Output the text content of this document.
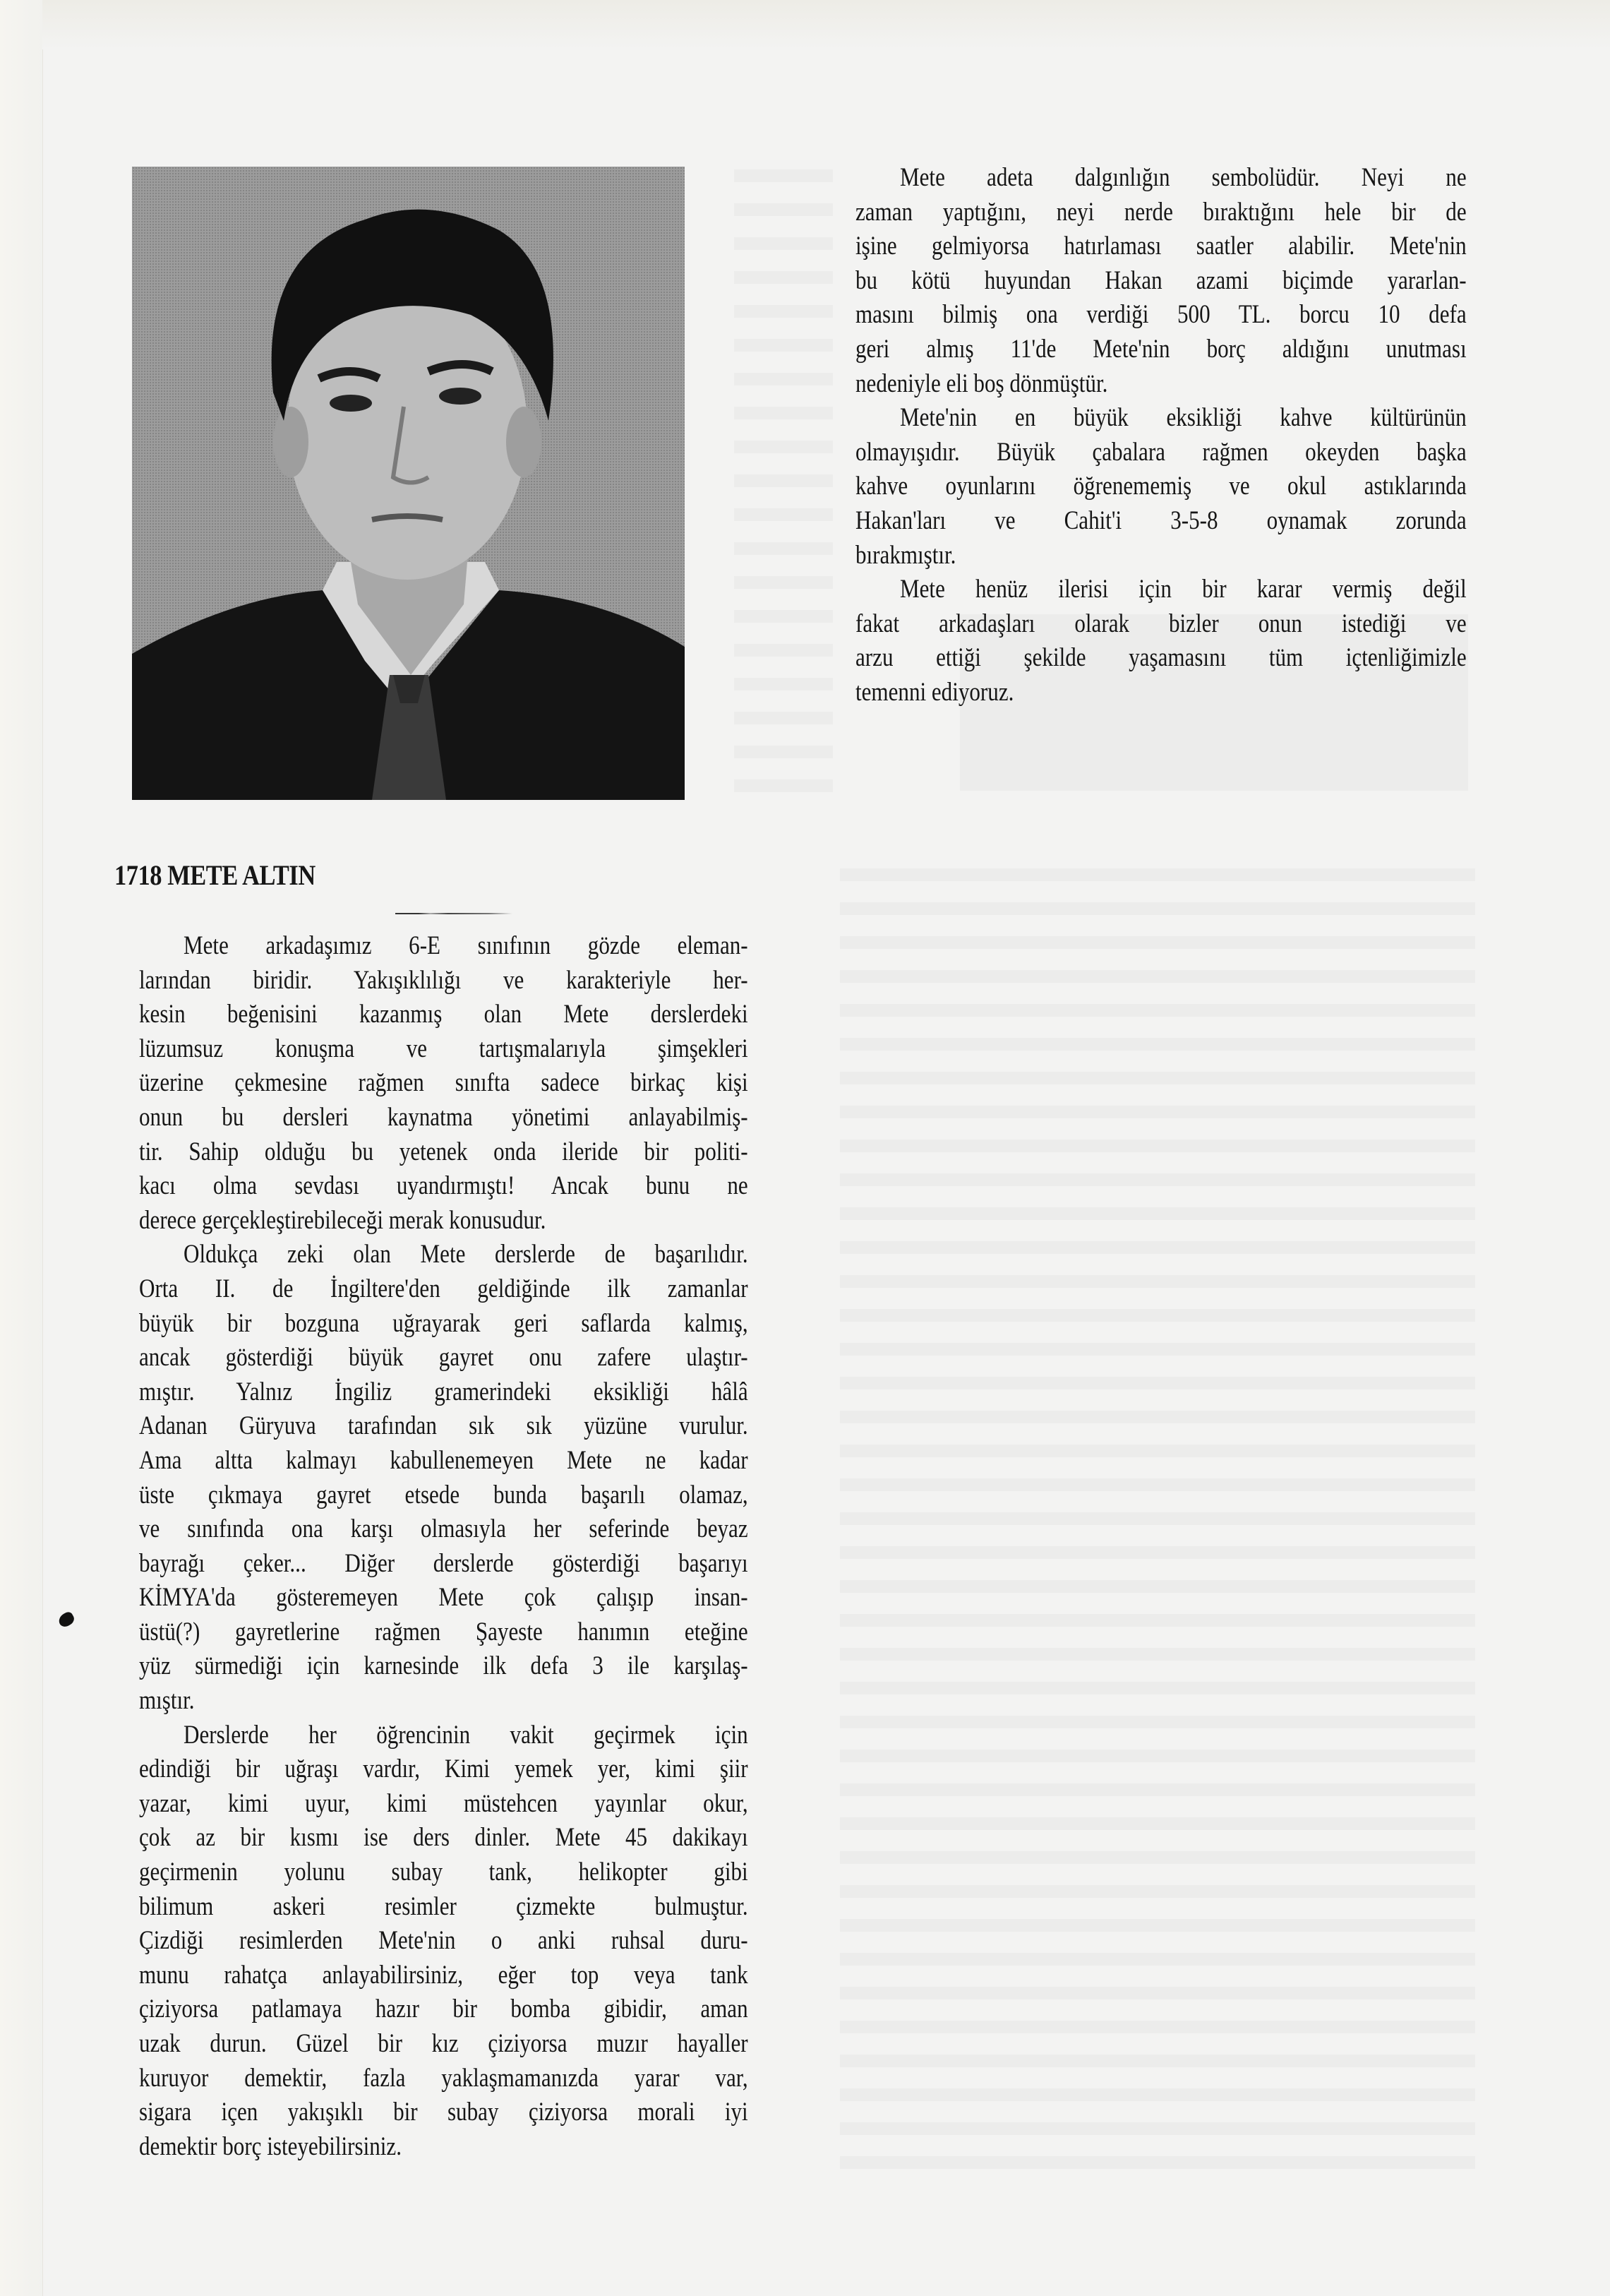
1718 METE ALTIN
Mete arkadaşımız 6-E sınıfının gözde eleman-
larından biridir. Yakışıklılığı ve karakteriyle her-
kesin beğenisini kazanmış olan Mete derslerdeki
lüzumsuz konuşma ve tartışmalarıyla şimşekleri
üzerine çekmesine rağmen sınıfta sadece birkaç kişi
onun bu dersleri kaynatma yönetimi anlayabilmiş-
tir. Sahip olduğu bu yetenek onda ileride bir politi-
kacı olma sevdası uyandırmıştı! Ancak bunu ne
derece gerçekleştirebileceği merak konusudur.
Oldukça zeki olan Mete derslerde de başarılıdır.
Orta II. de İngiltere'den geldiğinde ilk zamanlar
büyük bir bozguna uğrayarak geri saflarda kalmış,
ancak gösterdiği büyük gayret onu zafere ulaştır-
mıştır. Yalnız İngiliz gramerindeki eksikliği hâlâ
Adanan Güryuva tarafından sık sık yüzüne vurulur.
Ama altta kalmayı kabullenemeyen Mete ne kadar
üste çıkmaya gayret etsede bunda başarılı olamaz,
ve sınıfında ona karşı olmasıyla her seferinde beyaz
bayrağı çeker... Diğer derslerde gösterdiği başarıyı
KİMYA'da gösteremeyen Mete çok çalışıp insan-
üstü(?) gayretlerine rağmen Şayeste hanımın eteğine
yüz sürmediği için karnesinde ilk defa 3 ile karşılaş-
mıştır.
Derslerde her öğrencinin vakit geçirmek için
edindiği bir uğraşı vardır, Kimi yemek yer, kimi şiir
yazar, kimi uyur, kimi müstehcen yayınlar okur,
çok az bir kısmı ise ders dinler. Mete 45 dakikayı
geçirmenin yolunu subay tank, helikopter gibi
bilimum askeri resimler çizmekte bulmuştur.
Çizdiği resimlerden Mete'nin o anki ruhsal duru-
munu rahatça anlayabilirsiniz, eğer top veya tank
çiziyorsa patlamaya hazır bir bomba gibidir, aman
uzak durun. Güzel bir kız çiziyorsa muzır hayaller
kuruyor demektir, fazla yaklaşmamanızda yarar var,
sigara içen yakışıklı bir subay çiziyorsa morali iyi
demektir borç isteyebilirsiniz.
Mete adeta dalgınlığın sembolüdür. Neyi ne
zaman yaptığını, neyi nerde bıraktığını hele bir de
işine gelmiyorsa hatırlaması saatler alabilir. Mete'nin
bu kötü huyundan Hakan azami biçimde yararlan-
masını bilmiş ona verdiği 500 TL. borcu 10 defa
geri almış 11'de Mete'nin borç aldığını unutması
nedeniyle eli boş dönmüştür.
Mete'nin en büyük eksikliği kahve kültürünün
olmayışıdır. Büyük çabalara rağmen okeyden başka
kahve oyunlarını öğrenememiş ve okul astıklarında
Hakan'ları ve Cahit'i 3-5-8 oynamak zorunda
bırakmıştır.
Mete henüz ilerisi için bir karar vermiş değil
fakat arkadaşları olarak bizler onun istediği ve
arzu ettiği şekilde yaşamasını tüm içtenliğimizle
temenni ediyoruz.
